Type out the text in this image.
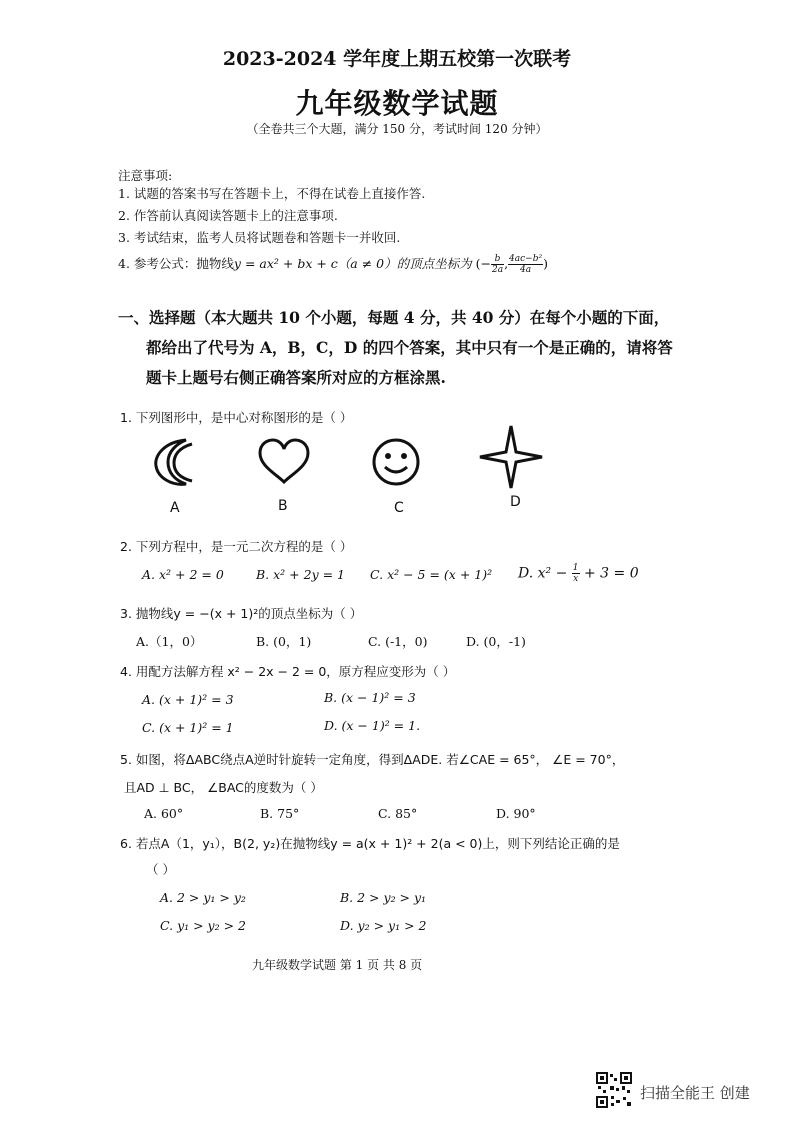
2023-2024 学年度上期五校第一次联考
九年级数学试题
（全卷共三个大题，满分 150 分，考试时间 120 分钟）
注意事项:
1. 试题的答案书写在答题卡上，不得在试卷上直接作答.
2. 作答前认真阅读答题卡上的注意事项.
3. 考试结束，监考人员将试题卷和答题卡一并收回.
4. 参考公式：抛物线y = ax² + bx + c（a ≠ 0）的顶点坐标为 (− $\frac{b}{2a}$ , $\frac{\text{4ac−b²}}{4a}$ )
一、选择题（本大题共 10 个小题，每题 4 分，共 40 分）在每个小题的下面，
都给出了代号为 A，B，C，D 的四个答案，其中只有一个是正确的，请将答
题卡上题号右侧正确答案所对应的方框涂黑.
1. 下列图形中，是中心对称图形的是（ ）
A	B	C	D
2. 下列方程中，是一元二次方程的是（ ）
A. x² + 2 = 0	B. x² + 2y = 1 C. x² − 5 = (x + 1)² D. $x^2 - \frac{1}{x} + 3 = 0$
3. 抛物线y = −(x + 1)²的顶点坐标为（ ）
A.（1，0）	B. (0，1)	C. (-1，0)	D. (0，-1)
4. 用配方法解方程 x² − 2x − 2 = 0，原方程应变形为（ ）
A. (x + 1)² = 3	B. (x − 1)² = 3
C. (x + 1)² = 1	D. (x − 1)² = 1.
5. 如图，将ΔABC绕点A逆时针旋转一定角度，得到ΔADE. 若∠CAE = 65°， ∠E = 70°，
且AD ⊥ BC， ∠BAC的度数为（ ）
A. 60°	B. 75°	C. 85°	D. 90°
6. 若点A（1，y₁），B(2, y₂)在抛物线y = a(x + 1)² + 2(a < 0)上，则下列结论正确的是
（ ）
A. 2 > y₁ > y₂	B. 2 > y₂ > y₁
C. y₁ > y₂ > 2	D. y₂ > y₁ > 2
九年级数学试题 第 1 页 共 8 页
扫描全能王 创建
